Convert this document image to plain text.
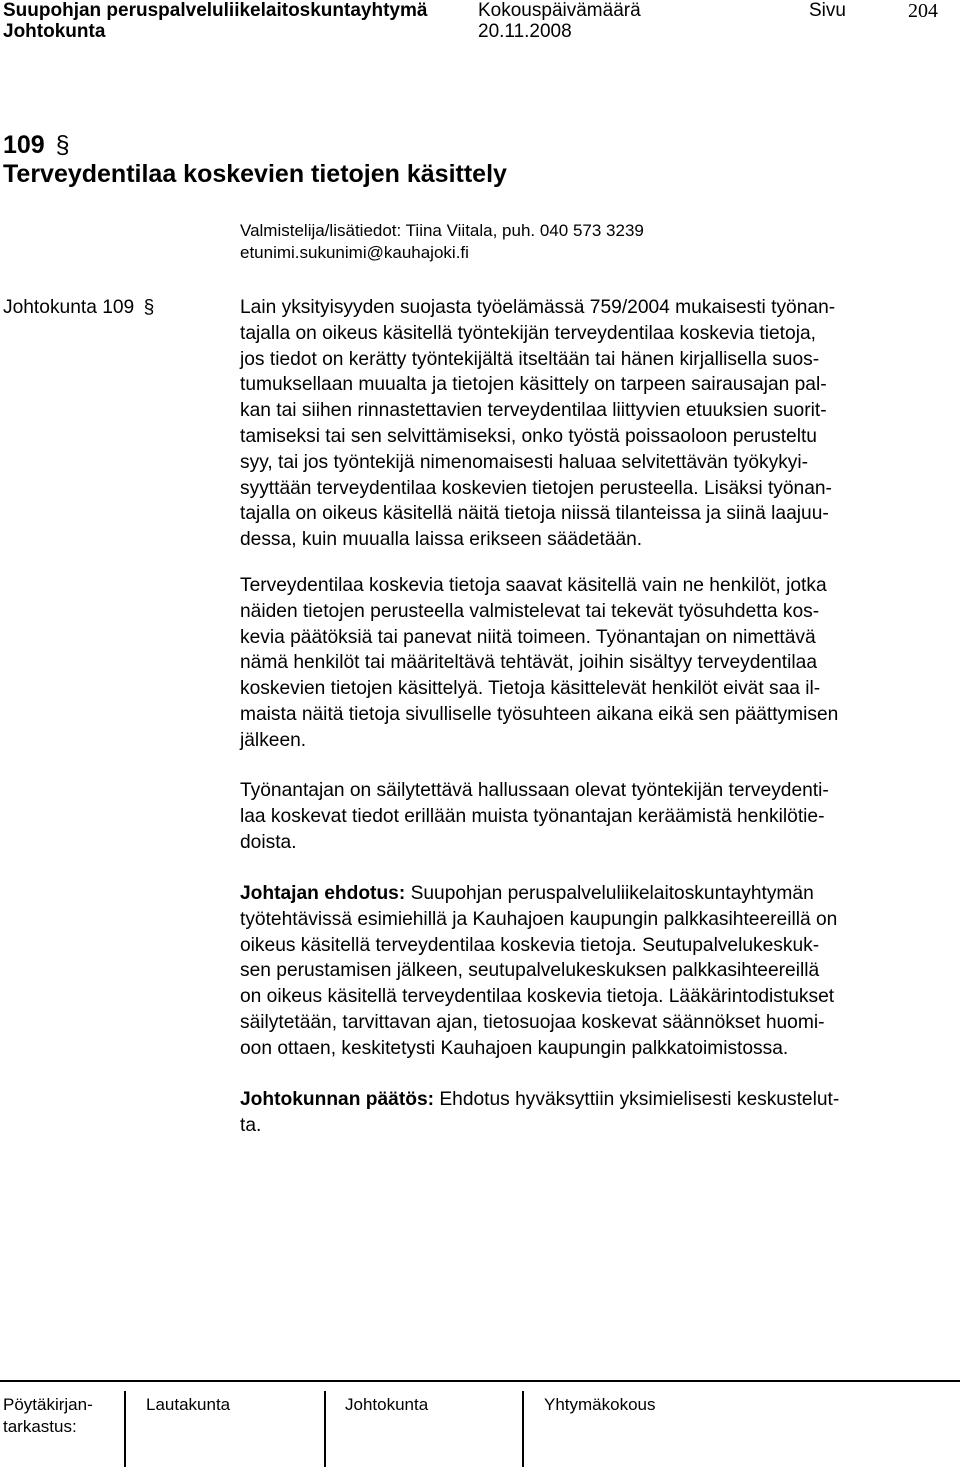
Suupohjan peruspalveluliikelaitoskuntayhtymä
Johtokunta
Kokouspäivämäärä
20.11.2008
Sivu	204
109 §
Terveydentilaa koskevien tietojen käsittely
Valmistelija/lisätiedot: Tiina Viitala, puh. 040 573 3239
etunimi.sukunimi@kauhajoki.fi
Johtokunta 109 §	Lain yksityisyyden suojasta työelämässä 759/2004 mukaisesti työnan-
tajalla on oikeus käsitellä työntekijän terveydentilaa koskevia tietoja,
jos tiedot on kerätty työntekijältä itseltään tai hänen kirjallisella suos-
tumuksellaan muualta ja tietojen käsittely on tarpeen sairausajan pal-
kan tai siihen rinnastettavien terveydentilaa liittyvien etuuksien suorit-
tamiseksi tai sen selvittämiseksi, onko työstä poissaoloon perusteltu
syy, tai jos työntekijä nimenomaisesti haluaa selvitettävän työkykyi-
syyttään terveydentilaa koskevien tietojen perusteella. Lisäksi työnan-
tajalla on oikeus käsitellä näitä tietoja niissä tilanteissa ja siinä laajuu-
dessa, kuin muualla laissa erikseen säädetään.
Terveydentilaa koskevia tietoja saavat käsitellä vain ne henkilöt, jotka
näiden tietojen perusteella valmistelevat tai tekevät työsuhdetta kos-
kevia päätöksiä tai panevat niitä toimeen. Työnantajan on nimettävä
nämä henkilöt tai määriteltävä tehtävät, joihin sisältyy terveydentilaa
koskevien tietojen käsittelyä. Tietoja käsittelevät henkilöt eivät saa il-
maista näitä tietoja sivulliselle työsuhteen aikana eikä sen päättymisen
jälkeen.
Työnantajan on säilytettävä hallussaan olevat työntekijän terveydenti-
laa koskevat tiedot erillään muista työnantajan keräämistä henkilötie-
doista.
Johtajan ehdotus: Suupohjan peruspalveluliikelaitoskuntayhtymän
työtehtävissä esimiehillä ja Kauhajoen kaupungin palkkasihteereillä on
oikeus käsitellä terveydentilaa koskevia tietoja. Seutupalvelukeskuk-
sen perustamisen jälkeen, seutupalvelukeskuksen palkkasihteereillä
on oikeus käsitellä terveydentilaa koskevia tietoja. Lääkärintodistukset
säilytetään, tarvittavan ajan, tietosuojaa koskevat säännökset huomi-
oon ottaen, keskitetysti Kauhajoen kaupungin palkkatoimistossa.
Johtokunnan päätös: Ehdotus hyväksyttiin yksimielisesti keskustelut-
ta.
Pöytäkirjan-
tarkastus:
Lautakunta	Johtokunta	Yhtymäkokous
